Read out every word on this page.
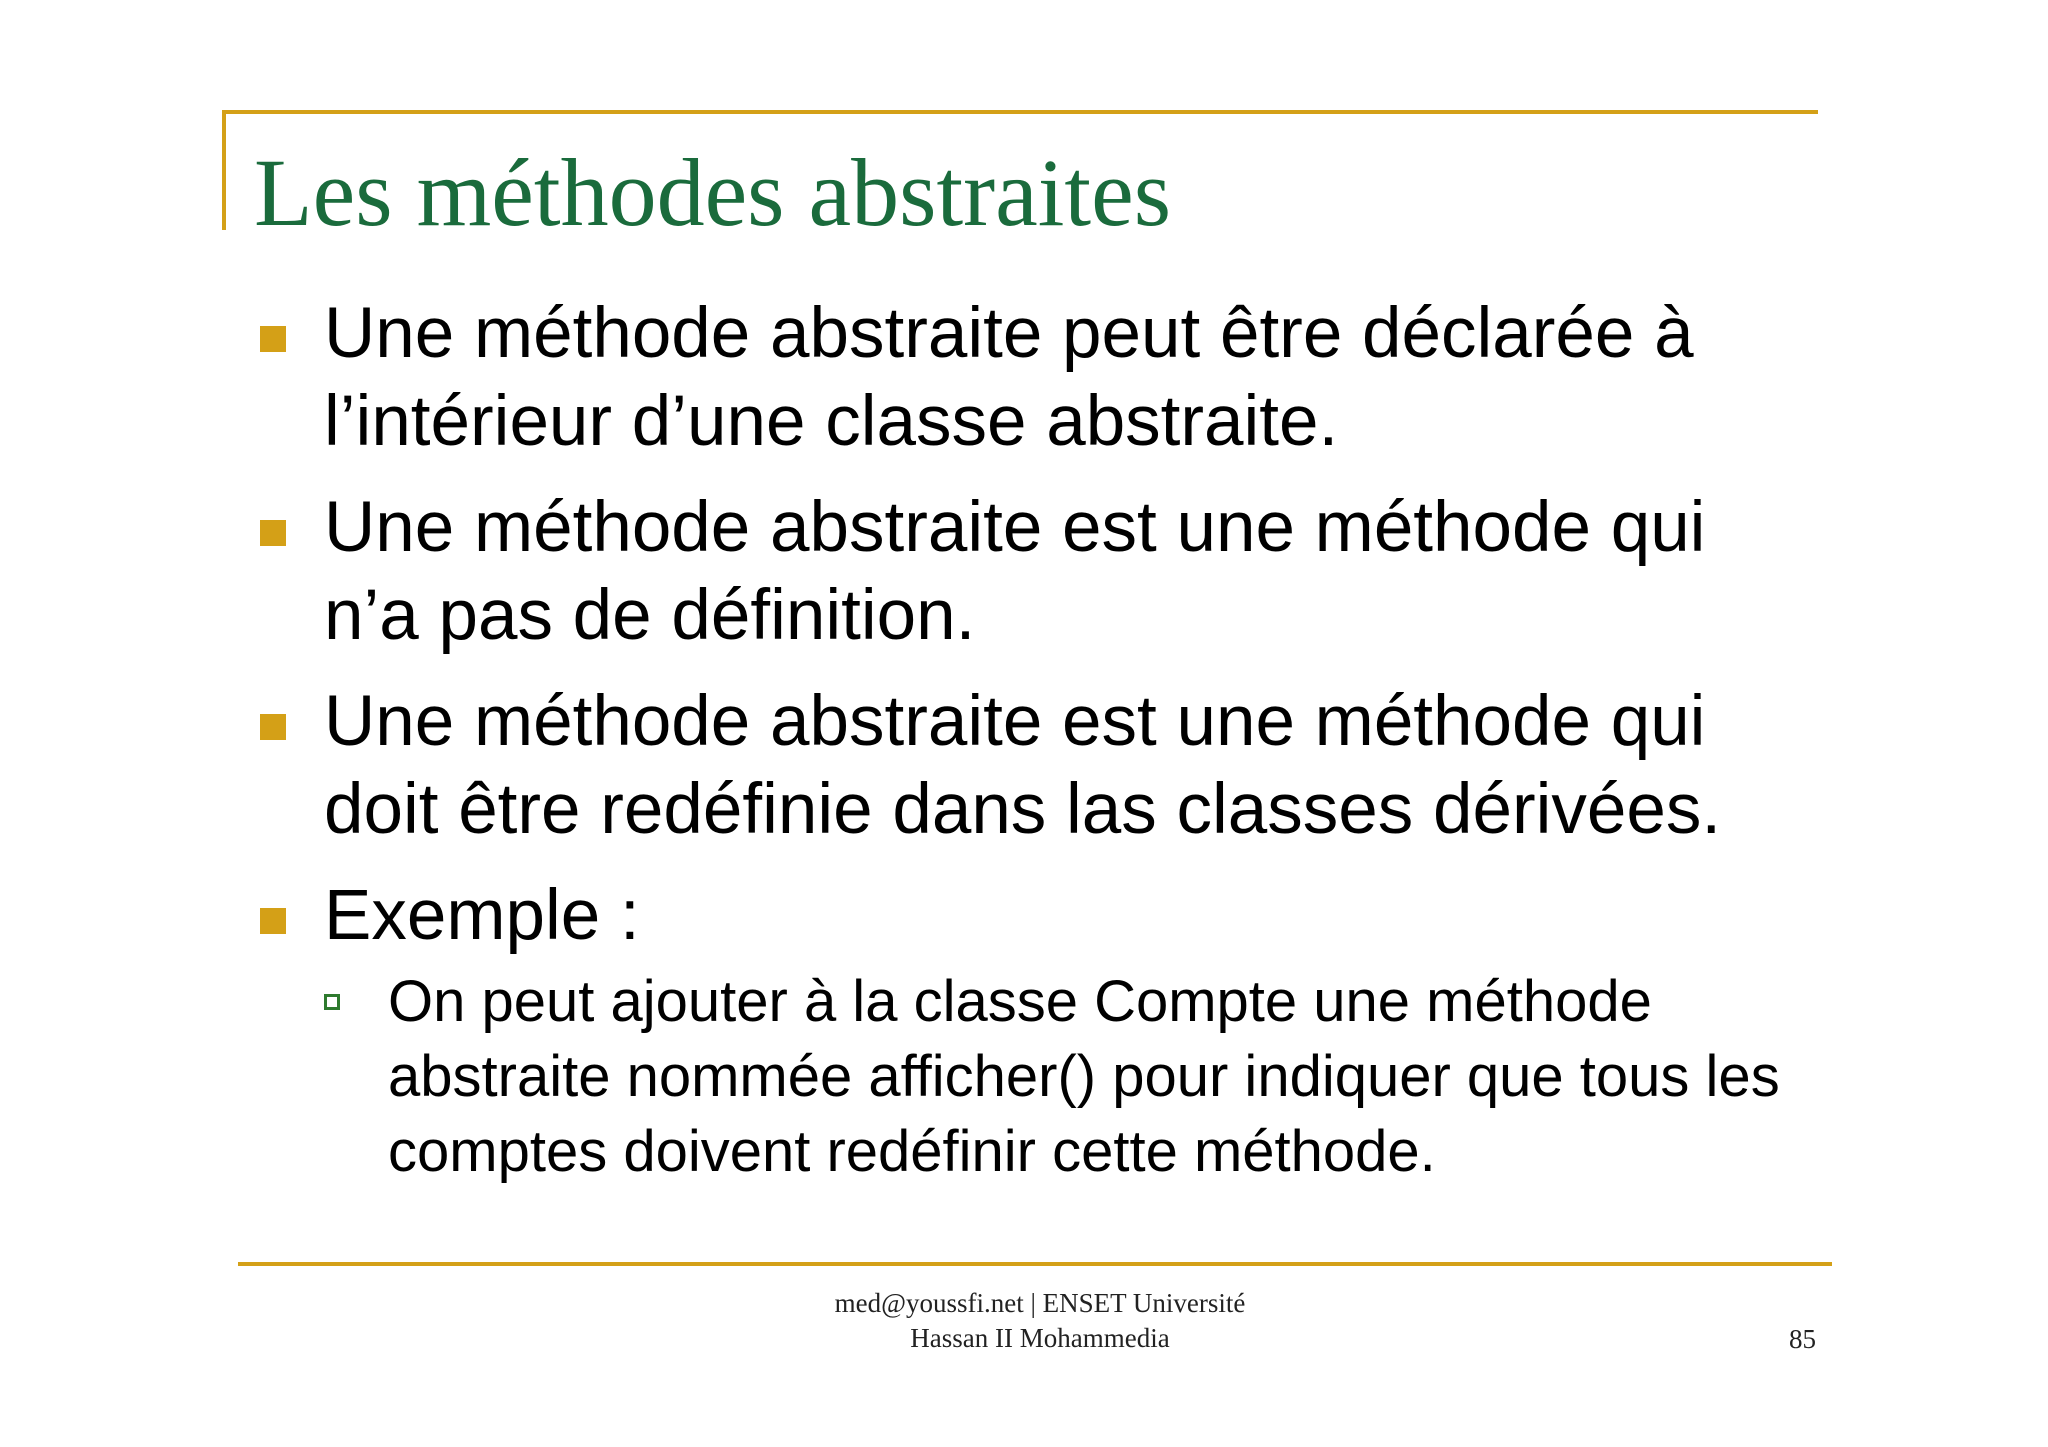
Les méthodes abstraites
Une méthode abstraite peut être déclarée à l’intérieur d’une classe abstraite.
Une méthode abstraite est une méthode qui n’a pas de définition.
Une méthode abstraite est une méthode qui doit être redéfinie dans las classes dérivées.
Exemple :
On peut ajouter à la classe Compte une méthode abstraite nommée afficher() pour indiquer que tous les comptes doivent redéfinir cette méthode.
med@youssfi.net | ENSET Université
Hassan II Mohammedia	85
